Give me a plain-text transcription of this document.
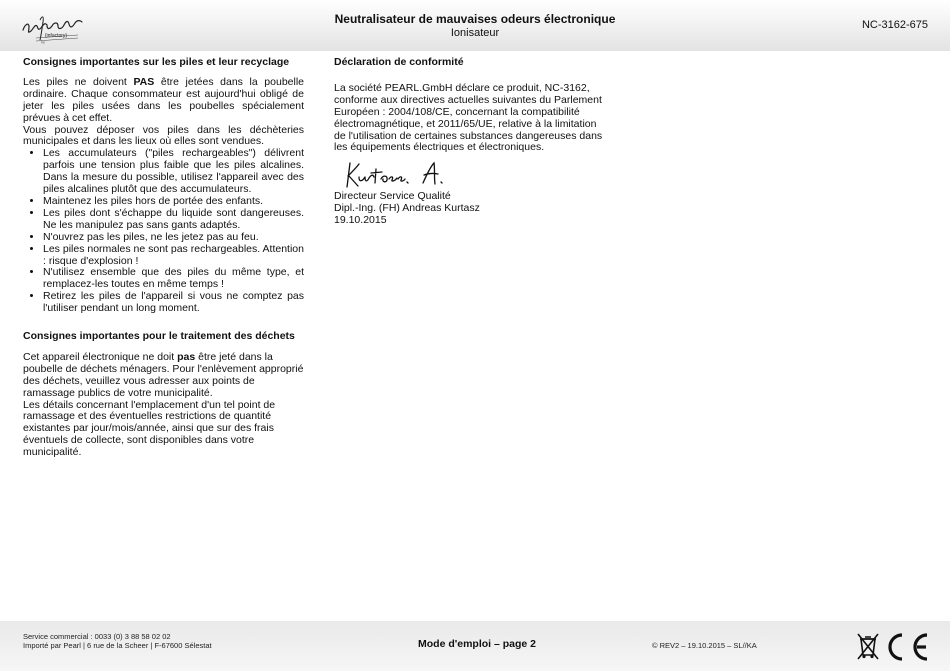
(infactory)
TM
Neutralisateur de mauvaises odeurs électronique
Ionisateur
NC-3162-675
Consignes importantes sur les piles et leur recyclage

Les piles ne doivent PAS être jetées dans la poubelle ordinaire. Chaque consommateur est aujourd'hui obligé de jeter les piles usées dans les poubelles spécialement prévues à cet effet.

Vous pouvez déposer vos piles dans les déchèteries municipales et dans les lieux où elles sont vendues.

• Les accumulateurs ("piles rechargeables") délivrent parfois une tension plus faible que les piles alcalines. Dans la mesure du possible, utilisez l'appareil avec des piles alcalines plutôt que des accumulateurs.
• Maintenez les piles hors de portée des enfants.
• Les piles dont s'échappe du liquide sont dangereuses. Ne les manipulez pas sans gants adaptés.
• N'ouvrez pas les piles, ne les jetez pas au feu.
• Les piles normales ne sont pas rechargeables. Attention : risque d'explosion !
• N'utilisez ensemble que des piles du même type, et remplacez-les toutes en même temps !
• Retirez les piles de l'appareil si vous ne comptez pas l'utiliser pendant un long moment.
Consignes importantes pour le traitement des déchets

Cet appareil électronique ne doit pas être jeté dans la poubelle de déchets ménagers. Pour l'enlèvement approprié des déchets, veuillez vous adresser aux points de ramassage publics de votre municipalité.

Les détails concernant l'emplacement d'un tel point de ramassage et des éventuelles restrictions de quantité existantes par jour/mois/année, ainsi que sur des frais éventuels de collecte, sont disponibles dans votre municipalité.

Déclaration de conformité

La société PEARL.GmbH déclare ce produit, NC-3162, conforme aux directives actuelles suivantes du Parlement Européen : 2004/108/CE, concernant la compatibilité électromagnétique, et 2011/65/UE, relative à la limitation de l'utilisation de certaines substances dangereuses dans les équipements électriques et électroniques.

Directeur Service Qualité

Dipl.-Ing. (FH) Andreas Kurtasz

19.10.2015

Service commercial : 0033 (0) 3 88 58 02 02
Importé par Pearl | 6 rue de la Scheer | F-67600 Sélestat	Mode d'emploi – page 2	© REV2 – 19.10.2015 – SL//KA
